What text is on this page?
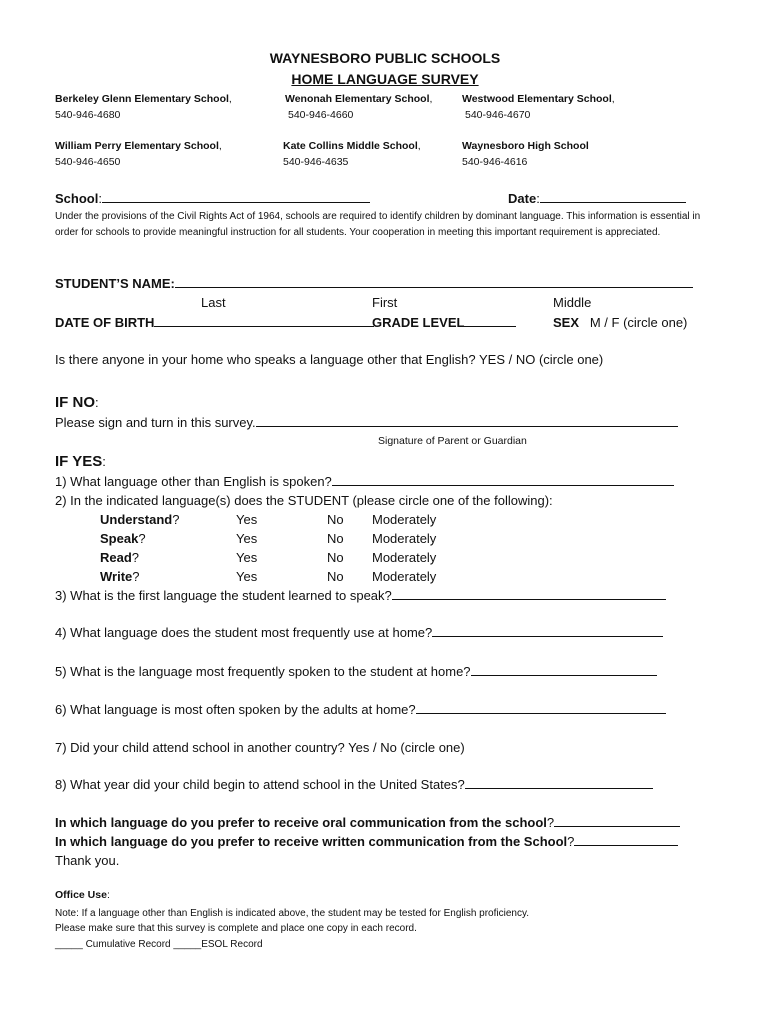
WAYNESBORO PUBLIC SCHOOLS
HOME LANGUAGE SURVEY
Berkeley Glenn Elementary School,
540-946-4680
Wenonah Elementary School,
540-946-4660
Westwood Elementary School,
540-946-4670
William Perry Elementary School,
540-946-4650
Kate Collins Middle School,
540-946-4635
Waynesboro High School
540-946-4616
School:	Date:
Under the provisions of the Civil Rights Act of 1964, schools are required to identify children by dominant language. This information is essential in order for schools to provide meaningful instruction for all students. Your cooperation in meeting this important requirement is appreciated.
STUDENT’S NAME:
Last	First	Middle
DATE OF BIRTH	GRADE LEVEL	SEX M / F (circle one)
Is there anyone in your home who speaks a language other that English? YES / NO (circle one)
IF NO:
Please sign and turn in this survey.
Signature of Parent or Guardian
IF YES:
1) What language other than English is spoken?
2) In the indicated language(s) does the STUDENT (please circle one of the following):
Understand?	Yes	No Moderately
Speak?	Yes	No Moderately
Read?	Yes	No Moderately
Write?	Yes	No Moderately
3) What is the first language the student learned to speak?
4) What language does the student most frequently use at home?
5) What is the language most frequently spoken to the student at home?
6) What language is most often spoken by the adults at home?
7) Did your child attend school in another country? Yes / No (circle one)
8) What year did your child begin to attend school in the United States?
In which language do you prefer to receive oral communication from the school?
In which language do you prefer to receive written communication from the School?
Thank you.
Office Use:
Note: If a language other than English is indicated above, the student may be tested for English proficiency.
Please make sure that this survey is complete and place one copy in each record.
_____ Cumulative Record _____ESOL Record
